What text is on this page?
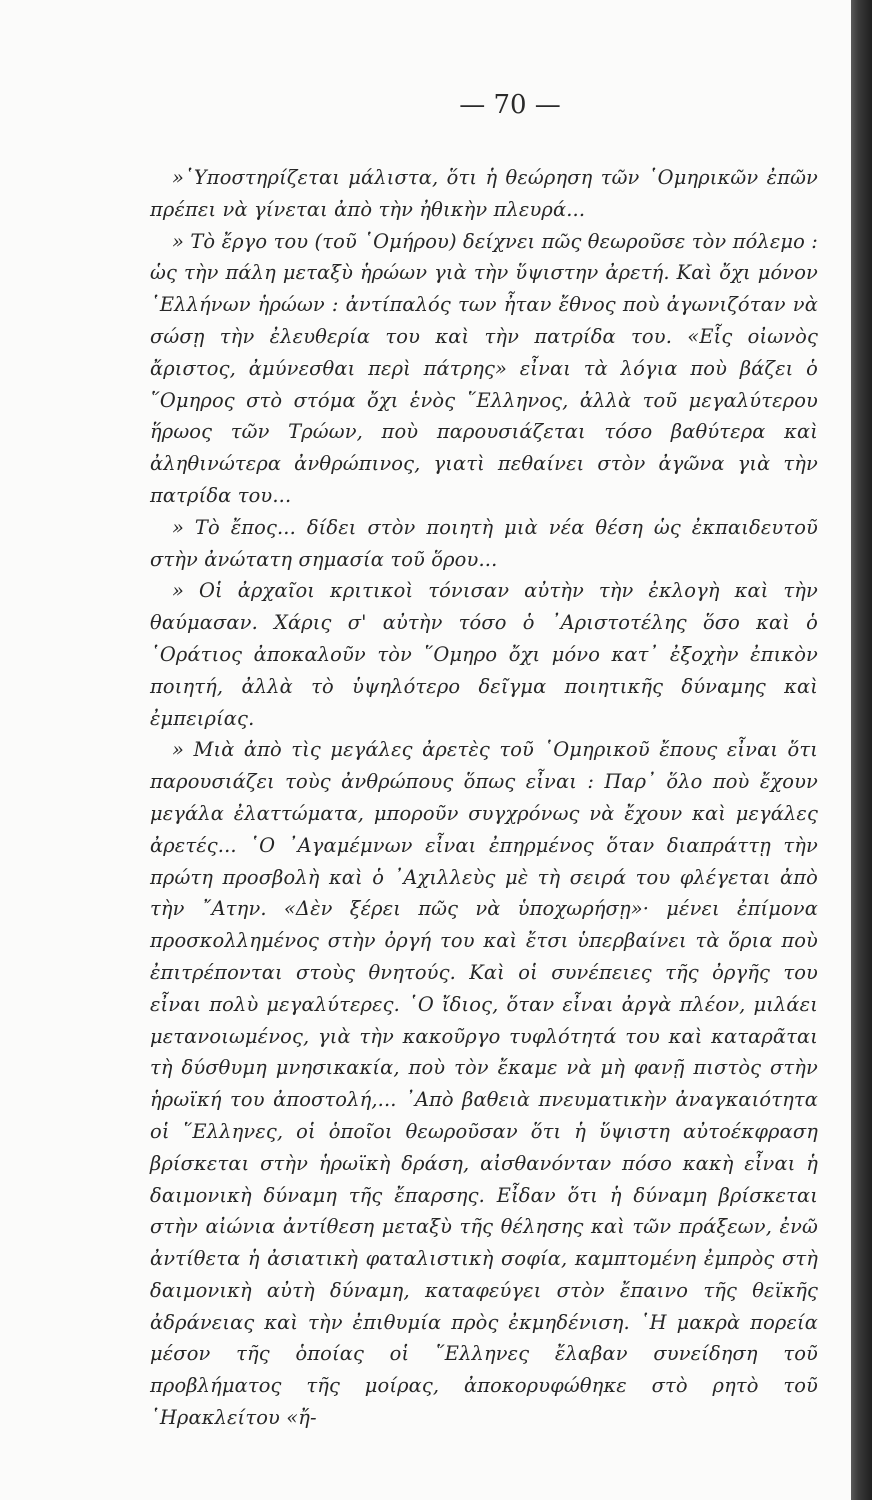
— 70 —

»῾Υποστηρίζεται μάλιστα, ὅτι ἡ θεώρηση τῶν ῾Ομηρικῶν ἐπῶν πρέπει νὰ γίνεται ἀπὸ τὴν ἠθικὴν πλευρά...

» Τὸ ἔργο του (τοῦ ῾Ομήρου) δείχνει πῶς θεωροῦσε τὸν πόλεμο : ὡς τὴν πάλη μεταξὺ ἡρώων γιὰ τὴν ὕψιστην ἀρετή. Καὶ ὄχι μόνον ῾Ελλήνων ἡρώων : ἀντίπαλός των ἦταν ἔθνος ποὺ ἀγωνιζόταν νὰ σώσῃ τὴν ἐλευθερία του καὶ τὴν πατρίδα του. «Εἷς οἰωνὸς ἄριστος, ἀμύνεσθαι περὶ πάτρης» εἶναι τὰ λόγια ποὺ βάζει ὁ ῞Ομηρος στὸ στόμα ὄχι ἑνὸς ῞Ελληνος, ἀλλὰ τοῦ μεγαλύτερου ἥρωος τῶν Τρώων, ποὺ παρουσιάζεται τόσο βαθύτερα καὶ ἀληθινώτερα ἀνθρώπινος, γιατὶ πεθαίνει στὸν ἀγῶνα γιὰ τὴν πατρίδα του...

» Τὸ ἔπος... δίδει στὸν ποιητὴ μιὰ νέα θέση ὡς ἐκπαιδευτοῦ στὴν ἀνώτατη σημασία τοῦ ὅρου...

» Οἱ ἀρχαῖοι κριτικοὶ τόνισαν αὐτὴν τὴν ἐκλογὴ καὶ τὴν θαύμασαν. Χάρις σ' αὐτὴν τόσο ὁ ᾽Αριστοτέλης ὅσο καὶ ὁ ῾Οράτιος ἀποκαλοῦν τὸν ῞Ομηρο ὄχι μόνο κατ᾽ ἐξοχὴν ἐπικὸν ποιητή, ἀλλὰ τὸ ὑψηλότερο δεῖγμα ποιητικῆς δύναμης καὶ ἐμπειρίας.

» Μιὰ ἀπὸ τὶς μεγάλες ἀρετὲς τοῦ ῾Ομηρικοῦ ἔπους εἶναι ὅτι παρουσιάζει τοὺς ἀνθρώπους ὅπως εἶναι : Παρ᾽ ὅλο ποὺ ἔχουν μεγάλα ἐλαττώματα, μποροῦν συγχρόνως νὰ ἔχουν καὶ μεγάλες ἀρετές... ῾Ο ᾽Αγαμέμνων εἶναι ἐπηρμένος ὅταν διαπράττῃ τὴν πρώτη προσβολὴ καὶ ὁ ᾽Αχιλλεὺς μὲ τὴ σειρά του φλέγεται ἀπὸ τὴν ῎Ατην. «Δὲν ξέρει πῶς νὰ ὑποχωρήσῃ»· μένει ἐπίμονα προσκολλημένος στὴν ὀργή του καὶ ἔτσι ὑπερβαίνει τὰ ὅρια ποὺ ἐπιτρέπονται στοὺς θνητούς. Καὶ οἱ συνέπειες τῆς ὀργῆς του εἶναι πολὺ μεγαλύτερες. ῾Ο ἴδιος, ὅταν εἶναι ἀργὰ πλέον, μιλάει μετανοιωμένος, γιὰ τὴν κακοῦργο τυφλότητά του καὶ καταρᾶται τὴ δύσθυμη μνησικακία, ποὺ τὸν ἔκαμε νὰ μὴ φανῇ πιστὸς στὴν ἡρωϊκή του ἀποστολή,... ᾽Απὸ βαθειὰ πνευματικὴν ἀναγκαιότητα οἱ ῞Ελληνες, οἱ ὁποῖοι θεωροῦσαν ὅτι ἡ ὕψιστη αὐτοέκφραση βρίσκεται στὴν ἡρωϊκὴ δράση, αἰσθανόνταν πόσο κακὴ εἶναι ἡ δαιμονικὴ δύναμη τῆς ἔπαρσης. Εἶδαν ὅτι ἡ δύναμη βρίσκεται στὴν αἰώνια ἀντίθεση μεταξὺ τῆς θέλησης καὶ τῶν πράξεων, ἐνῶ ἀντίθετα ἡ ἀσιατικὴ φαταλιστικὴ σοφία, καμπτομένη ἐμπρὸς στὴ δαιμονικὴ αὐτὴ δύναμη, καταφεύγει στὸν ἔπαινο τῆς θεϊκῆς ἀδράνειας καὶ τὴν ἐπιθυμία πρὸς ἐκμηδένιση. ῾Η μακρὰ πορεία μέσον τῆς ὁποίας οἱ ῞Ελληνες ἔλαβαν συνείδηση τοῦ προβλήματος τῆς μοίρας, ἀποκορυφώθηκε στὸ ρητὸ τοῦ ῾Ηρακλείτου «ἤ-
